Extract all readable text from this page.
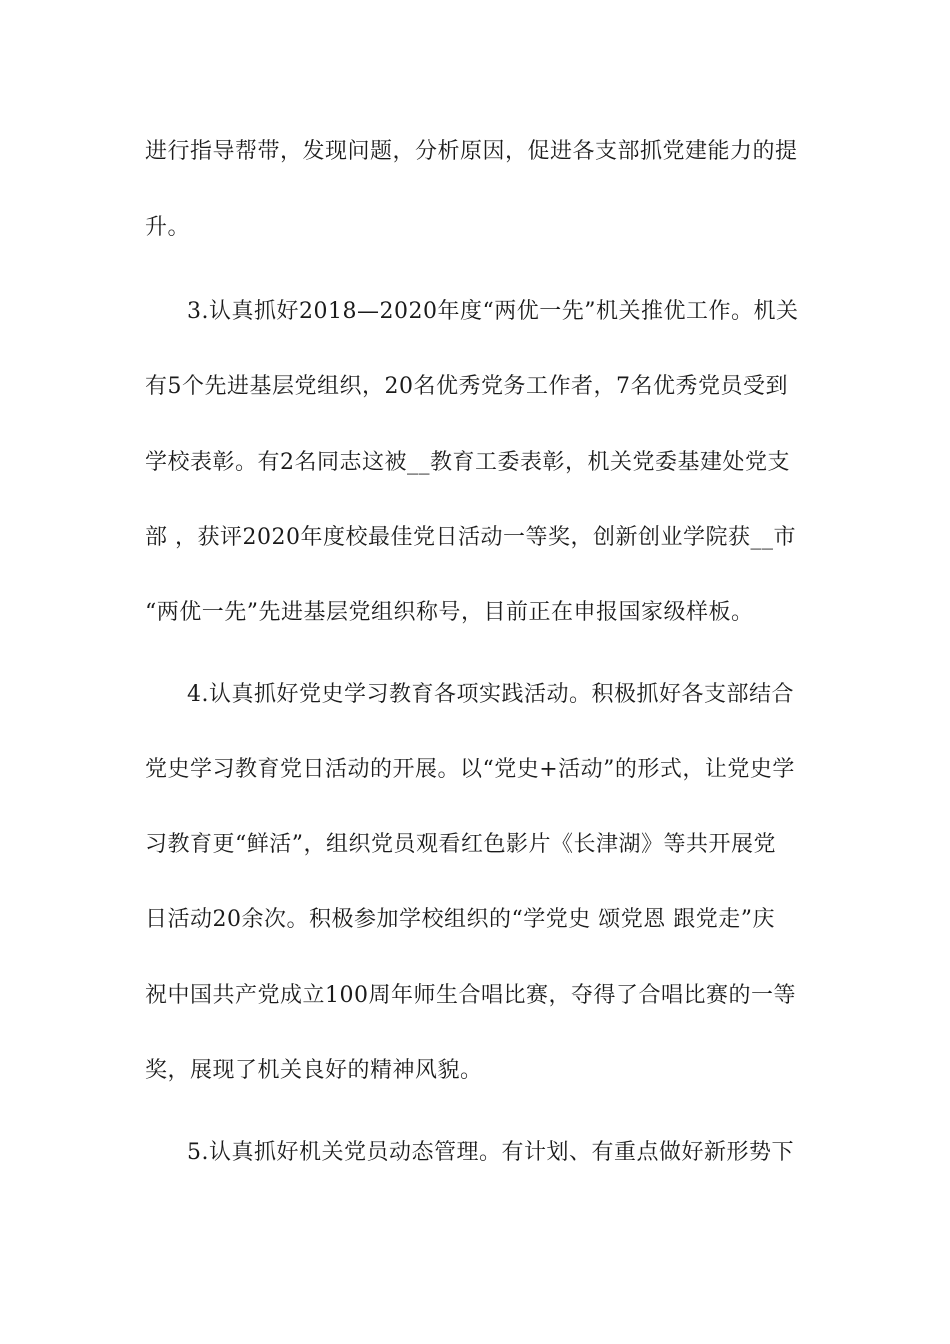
进行指导帮带，发现问题，分析原因，促进各支部抓党建能力的提
升。
3.认真抓好2018—2020年度“两优一先”机关推优工作。机关
有5个先进基层党组织，20名优秀党务工作者，7名优秀党员受到
学校表彰。有2名同志这被__教育工委表彰，机关党委基建处党支
部 ，获评2020年度校最佳党日活动一等奖，创新创业学院获__市
“两优一先”先进基层党组织称号，目前正在申报国家级样板。
4.认真抓好党史学习教育各项实践活动。积极抓好各支部结合
党史学习教育党日活动的开展。以“党史+活动”的形式，让党史学
习教育更“鲜活”，组织党员观看红色影片《长津湖》等共开展党
日活动20余次。积极参加学校组织的“学党史 颂党恩 跟党走”庆
祝中国共产党成立100周年师生合唱比赛，夺得了合唱比赛的一等
奖，展现了机关良好的精神风貌。
5.认真抓好机关党员动态管理。有计划、有重点做好新形势下
